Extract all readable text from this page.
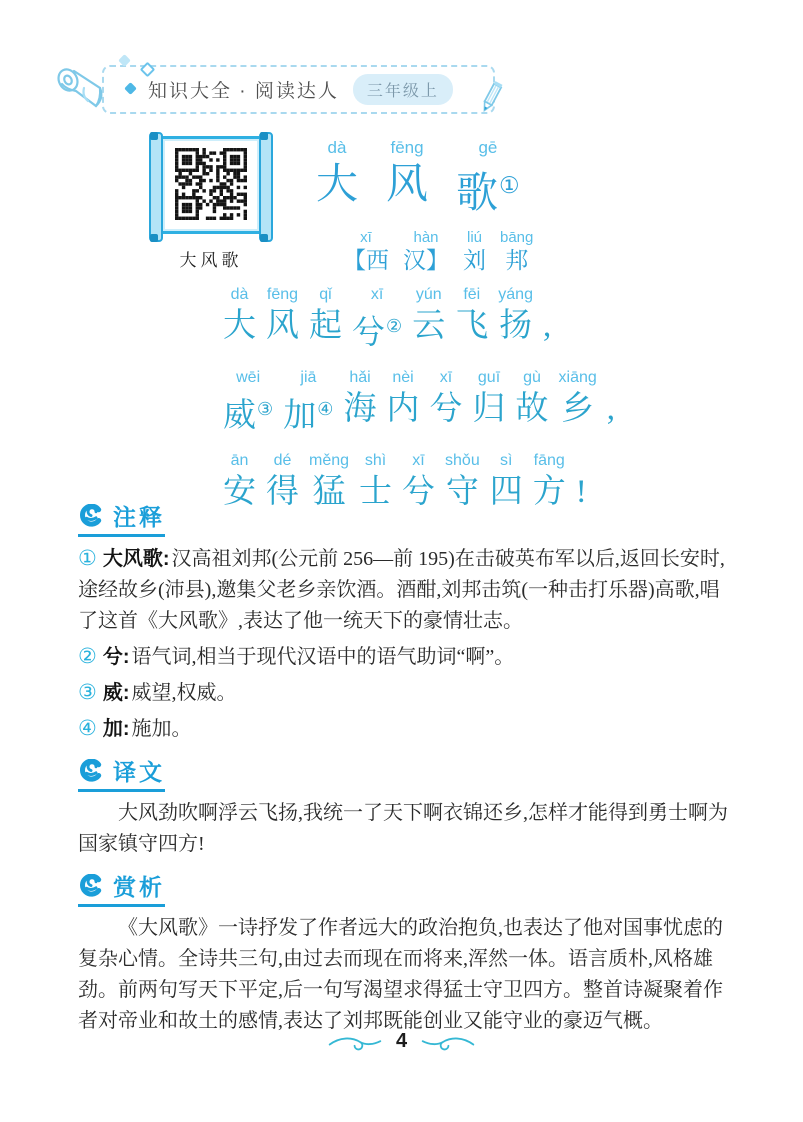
知识大全 · 阅读达人	三年级上
大风歌
dà
大
fēng
风
gē
歌①
xī
【西
hàn
汉】
liú
刘
bāng
邦
dà
大
fēng
风
qǐ
起
xī
兮②
yún
云
fēi
飞
yáng
扬 ,
wēi
威③
jiā
加④
hǎi
海
nèi
内
xī
兮
guī
归
gù
故
xiāng
乡 ,
ān
安
dé
得
měng
猛
shì
士
xī
兮
shǒu
守
sì
四
fāng
方 !
注释

① 大风歌: 汉高祖刘邦(公元前 256—前 195)在击破英布军以后,返回长安时,途经故乡(沛县),邀集父老乡亲饮酒。酒酣,刘邦击筑(一种击打乐器)高歌,唱了这首《大风歌》,表达了他一统天下的豪情壮志。

② 兮: 语气词,相当于现代汉语中的语气助词“啊”。

③ 威: 威望,权威。

④ 加: 施加。

译文

大风劲吹啊浮云飞扬,我统一了天下啊衣锦还乡,怎样才能得到勇士啊为国家镇守四方!

赏析

《大风歌》一诗抒发了作者远大的政治抱负,也表达了他对国事忧虑的复杂心情。全诗共三句,由过去而现在而将来,浑然一体。语言质朴,风格雄劲。前两句写天下平定,后一句写渴望求得猛士守卫四方。整首诗凝聚着作者对帝业和故土的感情,表达了刘邦既能创业又能守业的豪迈气概。

4
